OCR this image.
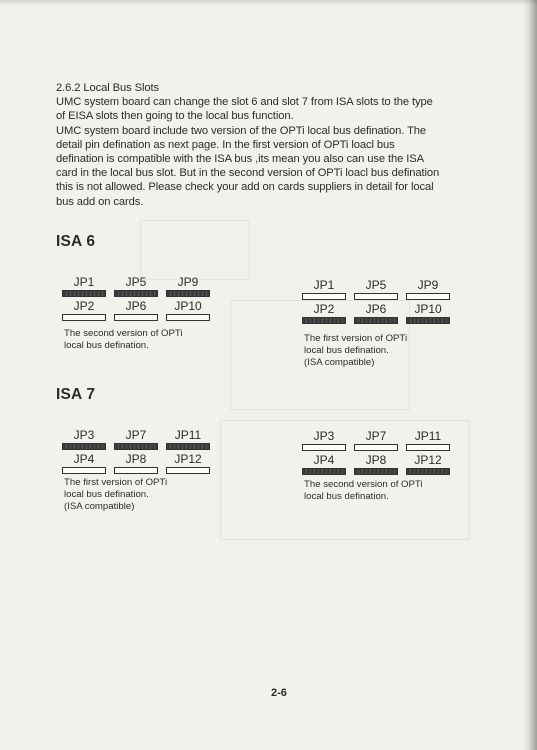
2.6.2 Local Bus Slots

UMC system board can change the slot 6 and slot 7 from ISA slots to the type

of EISA slots then going to the local bus function.

UMC system board include two version of the OPTi local bus defination. The

detail pin defination as next page. In the first version of OPTi loacl bus

defination is compatible with the ISA bus ,its mean you also can use the ISA

card in the local bus slot. But in the second version of OPTi loacl bus defination

this is not allowed. Please check your add on cards suppliers in detail for local

bus add on cards.

ISA 6
JP1	JP5	JP9
JP2	JP6	JP10
The second version of OPTi
local bus defination.
JP1	JP5	JP9
JP2	JP6	JP10
The first version of OPTi
local bus defination.
(ISA compatible)
ISA 7
JP3	JP7	JP11
JP4	JP8	JP12
The first version of OPTi
local bus defination.
(ISA compatible)
JP3	JP7	JP11
JP4	JP8	JP12
The second version of OPTi
local bus defination.
2-6
